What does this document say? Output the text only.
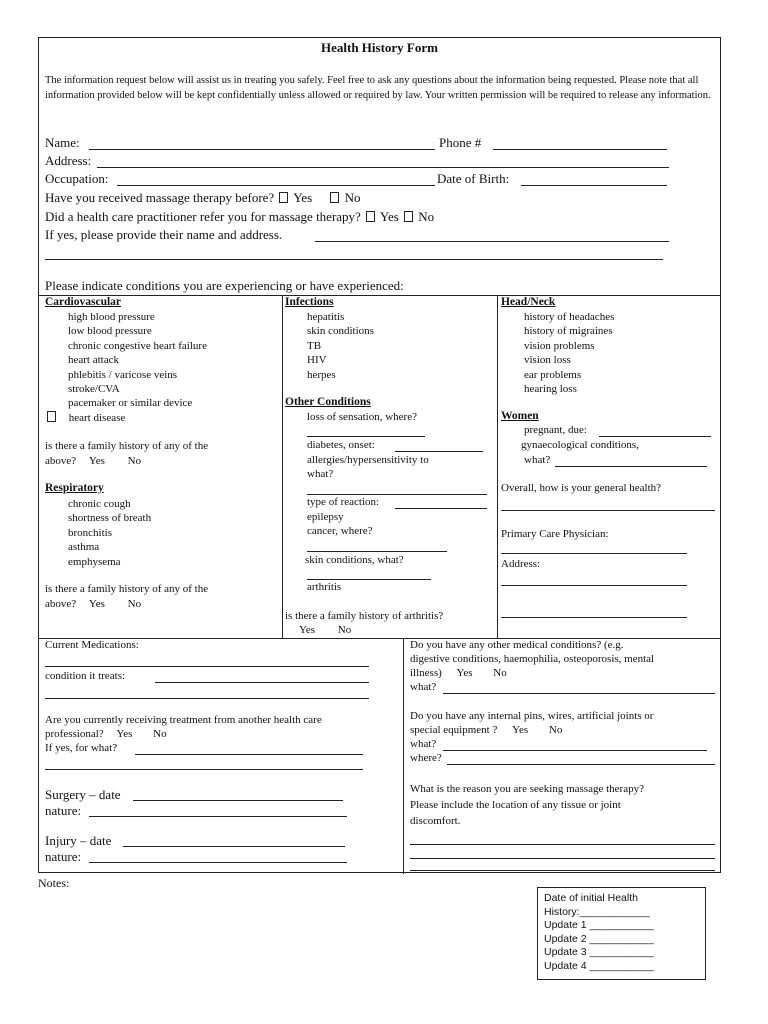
Health History Form
The information request below will assist us in treating you safely. Feel free to ask any questions about the information being requested. Please note that all information provided below will be kept confidentially unless allowed or required by law. Your written permission will be required to release any information.
Name:	Phone #
Address:
Occupation:	Date of Birth:
Have you received massage therapy before? Yes	No
Did a health care practitioner refer you for massage therapy? Yes No
If yes, please provide their name and address.
Please indicate conditions you are experiencing or have experienced:
Cardiovascular
high blood pressure
low blood pressure
chronic congestive heart failure
heart attack
phlebitis / varicose veins
stroke/CVA
pacemaker or similar device
heart disease
is there a family history of any of the
above? Yes No
Respiratory
chronic cough
shortness of breath
bronchitis
asthma
emphysema
is there a family history of any of the
above? Yes No
Infections
hepatitis
skin conditions
TB
HIV
herpes
Other Conditions
loss of sensation, where?
diabetes, onset:
allergies/hypersensitivity to
what?
type of reaction:
epilepsy
cancer, where?
skin conditions, what?
arthritis
is there a family history of arthritis?
Yes No
Head/Neck
history of headaches
history of migraines
vision problems
vision loss
ear problems
hearing loss
Women
pregnant, due:
gynaecological conditions,
what?
Overall, how is your general health?
Primary Care Physician:
Address:
Current Medications:
condition it treats:
Are you currently receiving treatment from another health care
professional? Yes No
If yes, for what?
Surgery – date
nature:
Injury – date
nature:
Do you have any other medical conditions? (e.g.
digestive conditions, haemophilia, osteoporosis, mental
illness) Yes No
what?
Do you have any internal pins, wires, artificial joints or
special equipment ? Yes No
what?
where?
What is the reason you are seeking massage therapy?
Please include the location of any tissue or joint
discomfort.
Notes:
Date of initial Health
History:____________
Update 1 ___________
Update 2 ___________
Update 3 ___________
Update 4 ___________
